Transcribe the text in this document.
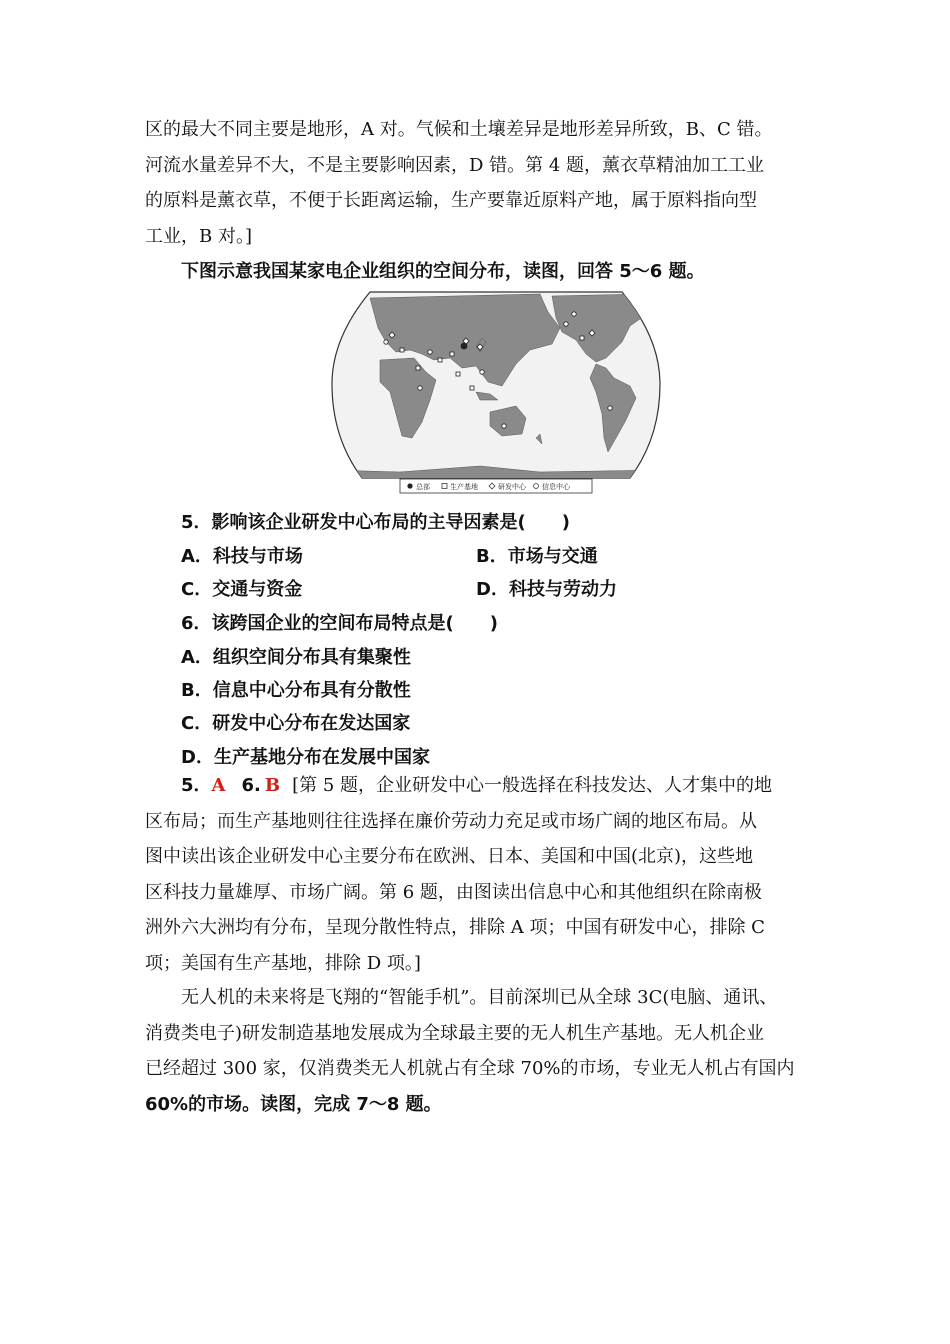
区的最大不同主要是地形，A 对。气候和土壤差异是地形差异所致，B、C 错。
河流水量差异不大，不是主要影响因素，D 错。第 4 题，薰衣草精油加工工业
的原料是薰衣草，不便于长距离运输，生产要靠近原料产地，属于原料指向型
工业，B 对。]
下图示意我国某家电企业组织的空间分布，读图，回答 5～6 题。
总部	生产基地	研发中心 信息中心
5．影响该企业研发中心布局的主导因素是(　　)
A．科技与市场	B．市场与交通
C．交通与资金	D．科技与劳动力
6．该跨国企业的空间布局特点是(　　)
A．组织空间分布具有集聚性
B．信息中心分布具有分散性
C．研发中心分布在发达国家
D．生产基地分布在发展中国家
5．A 6. B [第 5 题，企业研发中心一般选择在科技发达、人才集中的地
区布局；而生产基地则往往选择在廉价劳动力充足或市场广阔的地区布局。从
图中读出该企业研发中心主要分布在欧洲、日本、美国和中国(北京)，这些地
区科技力量雄厚、市场广阔。第 6 题，由图读出信息中心和其他组织在除南极
洲外六大洲均有分布，呈现分散性特点，排除 A 项；中国有研发中心，排除 C
项；美国有生产基地，排除 D 项。]
无人机的未来将是飞翔的“智能手机”。目前深圳已从全球 3C(电脑、通讯、
消费类电子)研发制造基地发展成为全球最主要的无人机生产基地。无人机企业
已经超过 300 家，仅消费类无人机就占有全球 70%的市场，专业无人机占有国内
60%的市场。读图，完成 7～8 题。
